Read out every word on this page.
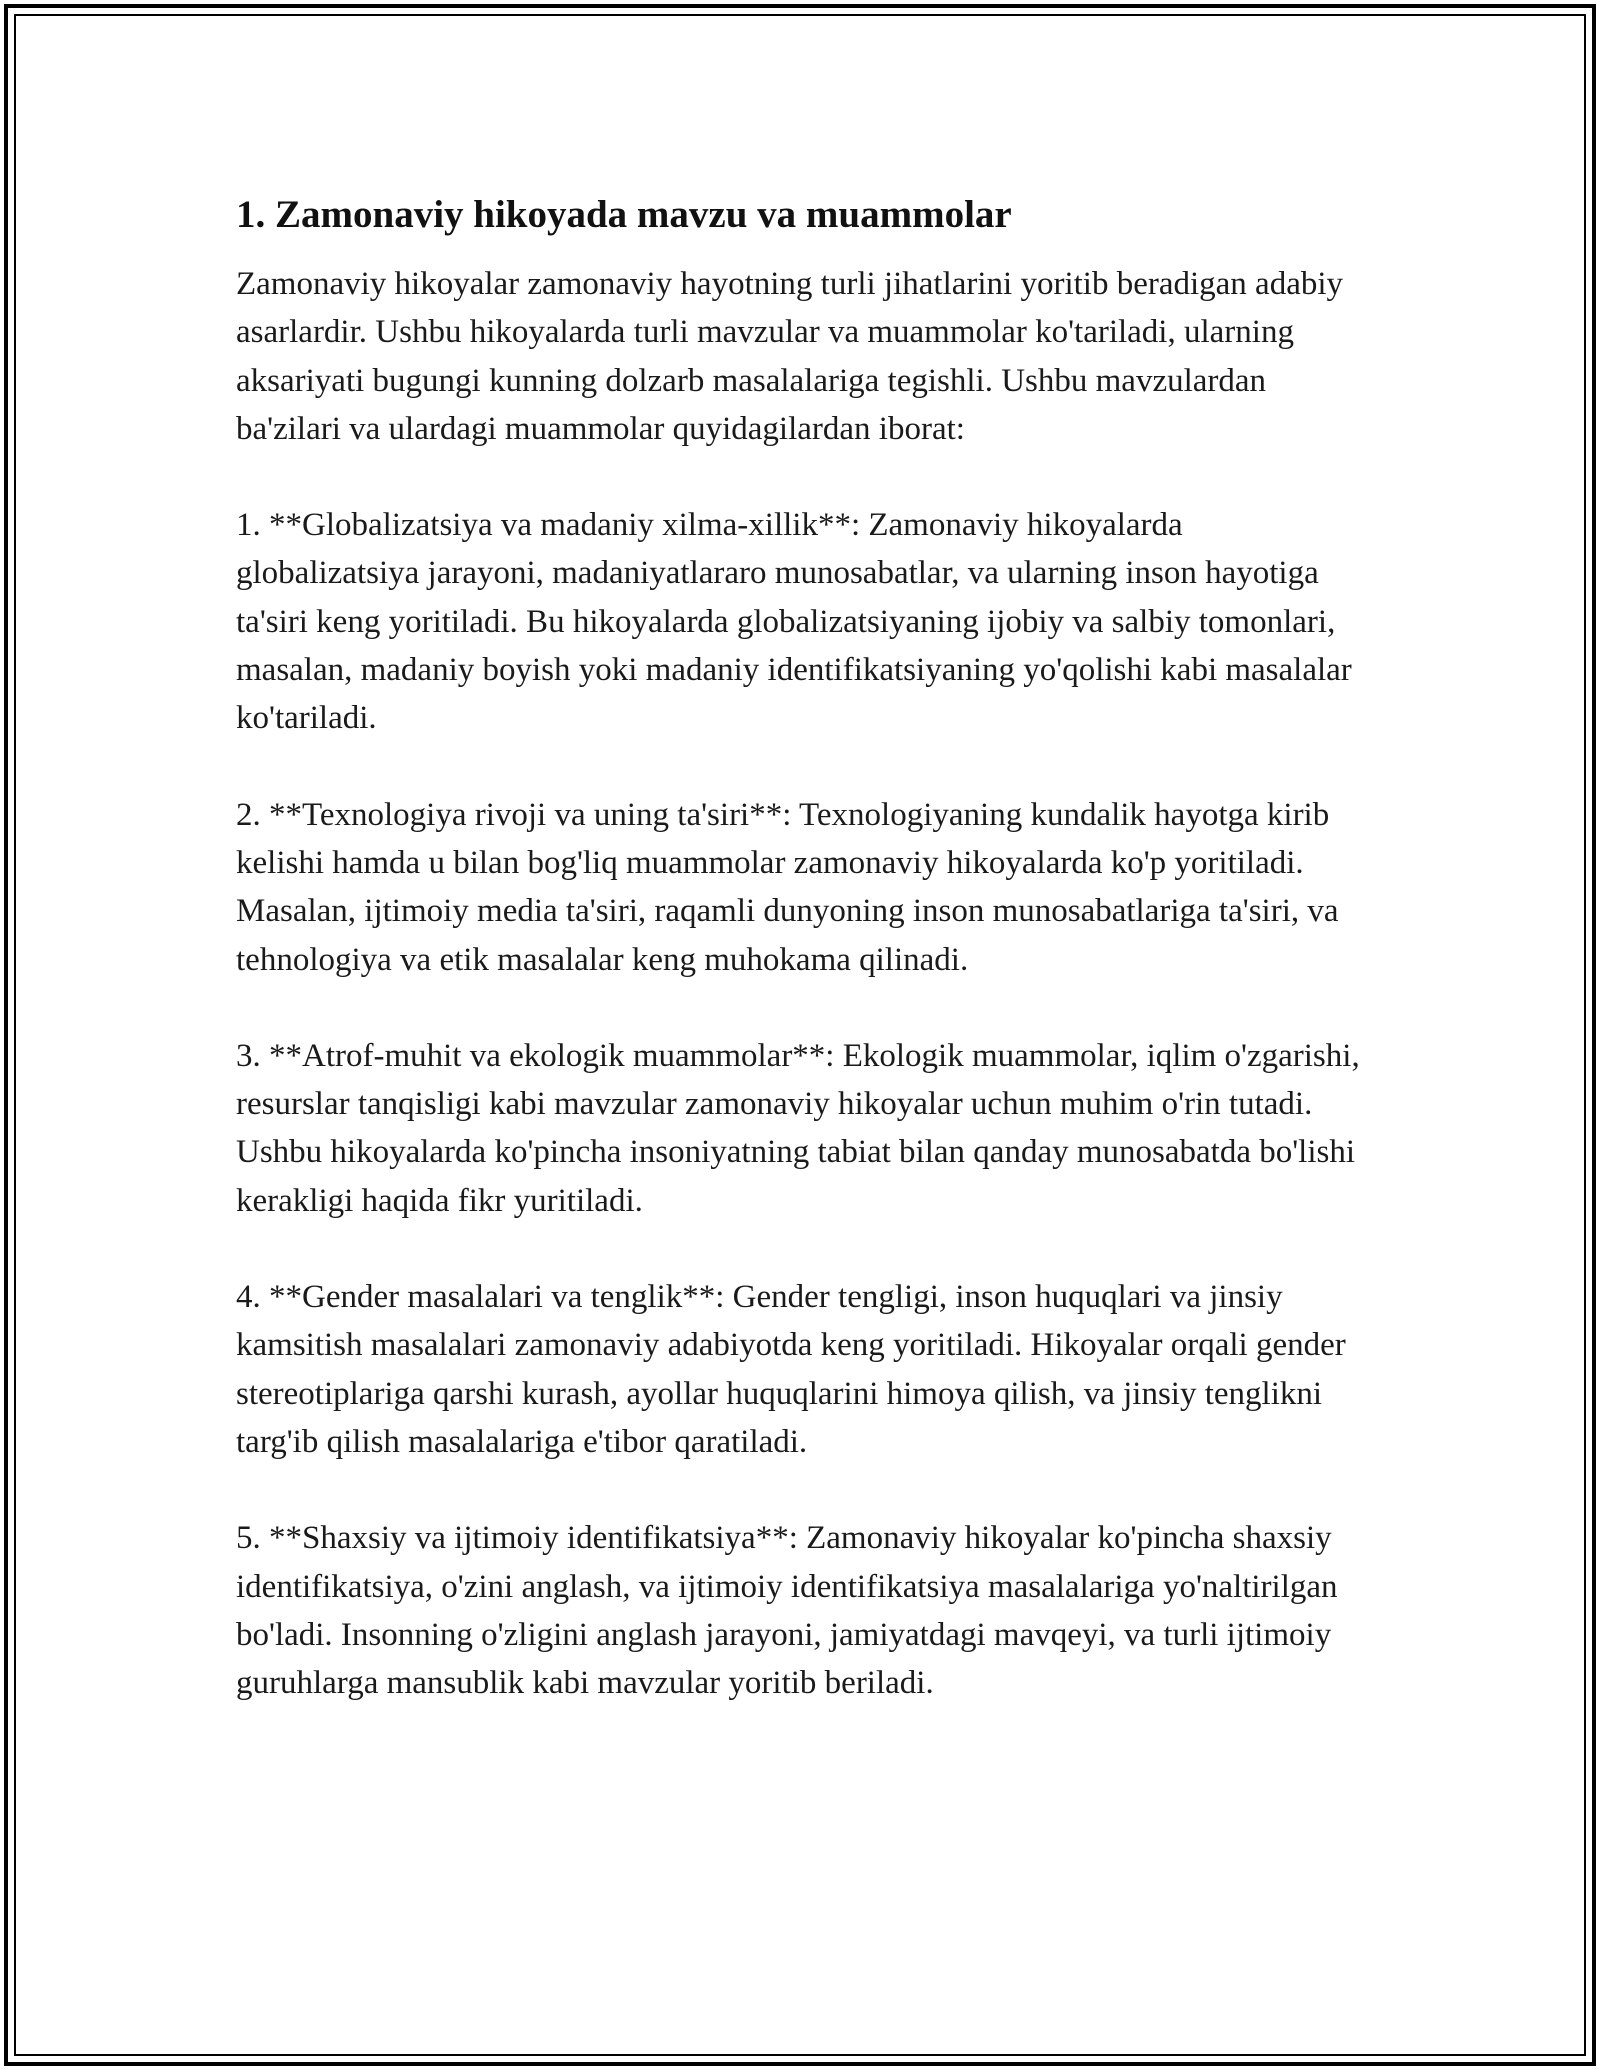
1. Zamonaviy hikoyada mavzu va muammolar

Zamonaviy hikoyalar zamonaviy hayotning turli jihatlarini yoritib beradigan adabiy asarlardir. Ushbu hikoyalarda turli mavzular va muammolar ko'tariladi, ularning aksariyati bugungi kunning dolzarb masalalariga tegishli. Ushbu mavzulardan ba'zilari va ulardagi muammolar quyidagilardan iborat:

1. **Globalizatsiya va madaniy xilma-xillik**: Zamonaviy hikoyalarda globalizatsiya jarayoni, madaniyatlararo munosabatlar, va ularning inson hayotiga ta'siri keng yoritiladi. Bu hikoyalarda globalizatsiyaning ijobiy va salbiy tomonlari, masalan, madaniy boyish yoki madaniy identifikatsiyaning yo'qolishi kabi masalalar ko'tariladi.

2. **Texnologiya rivoji va uning ta'siri**: Texnologiyaning kundalik hayotga kirib kelishi hamda u bilan bog'liq muammolar zamonaviy hikoyalarda ko'p yoritiladi. Masalan, ijtimoiy media ta'siri, raqamli dunyoning inson munosabatlariga ta'siri, va tehnologiya va etik masalalar keng muhokama qilinadi.

3. **Atrof-muhit va ekologik muammolar**: Ekologik muammolar, iqlim o'zgarishi, resurslar tanqisligi kabi mavzular zamonaviy hikoyalar uchun muhim o'rin tutadi. Ushbu hikoyalarda ko'pincha insoniyatning tabiat bilan qanday munosabatda bo'lishi kerakligi haqida fikr yuritiladi.

4. **Gender masalalari va tenglik**: Gender tengligi, inson huquqlari va jinsiy kamsitish masalalari zamonaviy adabiyotda keng yoritiladi. Hikoyalar orqali gender stereotiplariga qarshi kurash, ayollar huquqlarini himoya qilish, va jinsiy tenglikni targ'ib qilish masalalariga e'tibor qaratiladi.

5. **Shaxsiy va ijtimoiy identifikatsiya**: Zamonaviy hikoyalar ko'pincha shaxsiy identifikatsiya, o'zini anglash, va ijtimoiy identifikatsiya masalalariga yo'naltirilgan bo'ladi. Insonning o'zligini anglash jarayoni, jamiyatdagi mavqeyi, va turli ijtimoiy guruhlarga mansublik kabi mavzular yoritib beriladi.
